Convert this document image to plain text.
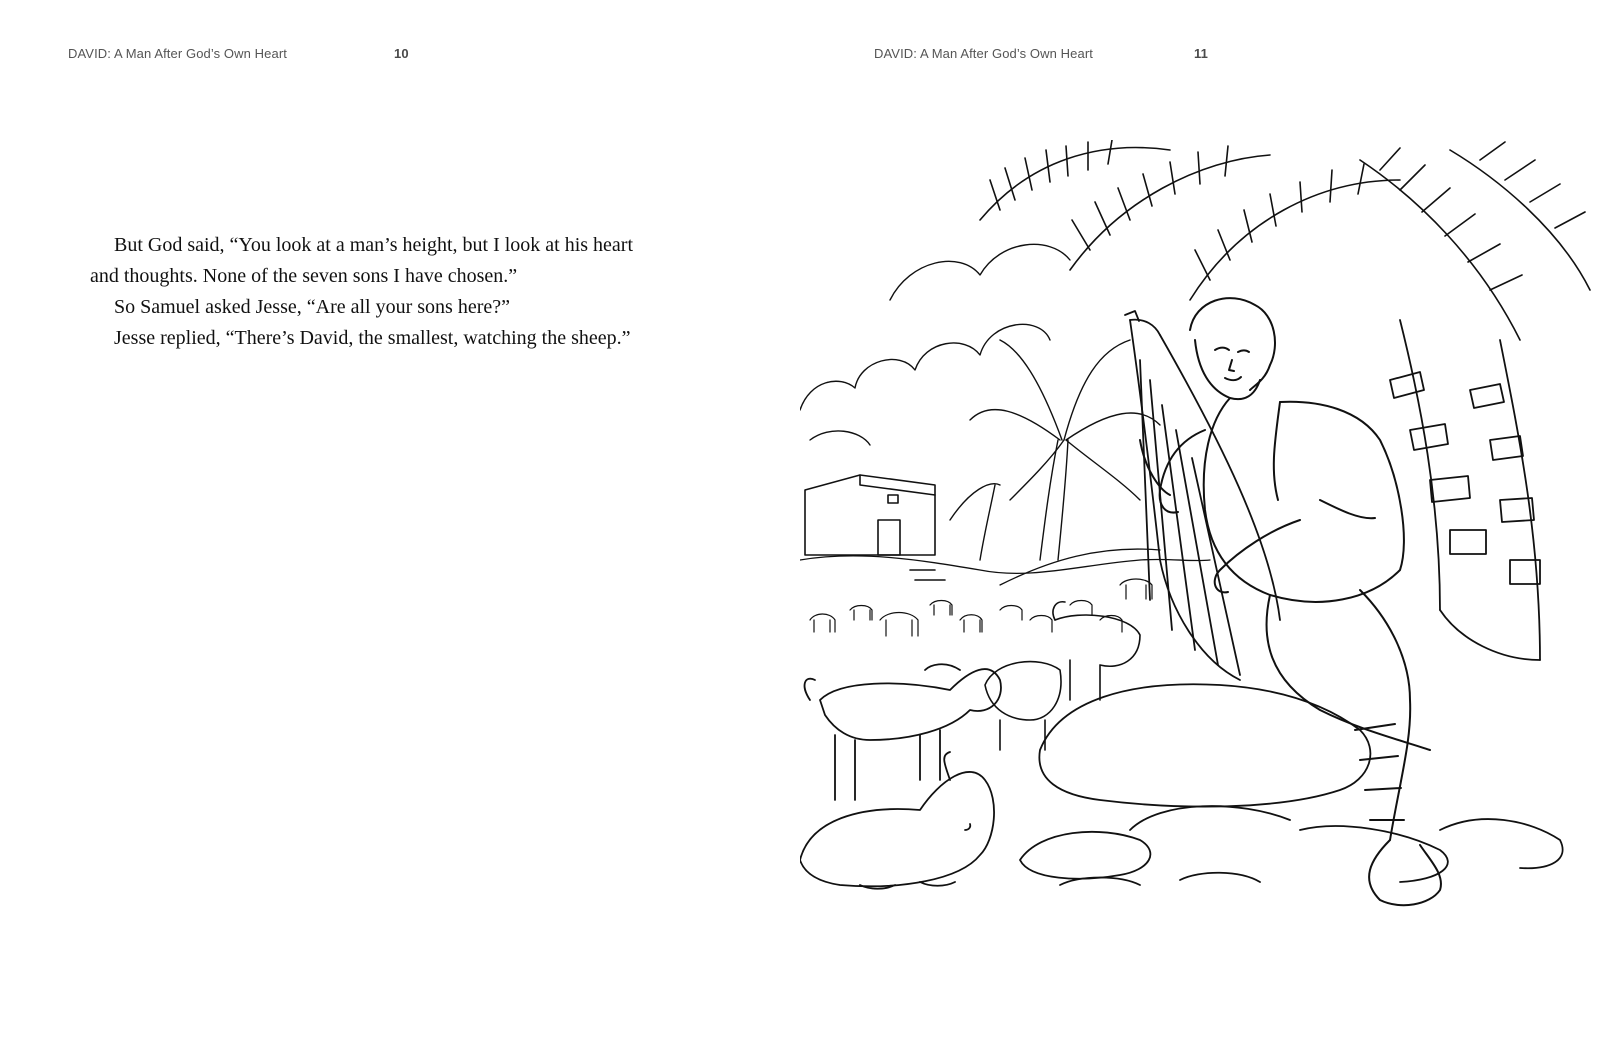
DAVID: A Man After God’s Own Heart	10

But God said, “You look at a man’s height, but I look at his heart

and thoughts. None of the seven sons I have chosen.”

So Samuel asked Jesse, “Are all your sons here?”

Jesse replied, “There’s David, the smallest, watching the sheep.”

DAVID: A Man After God’s Own Heart	11
